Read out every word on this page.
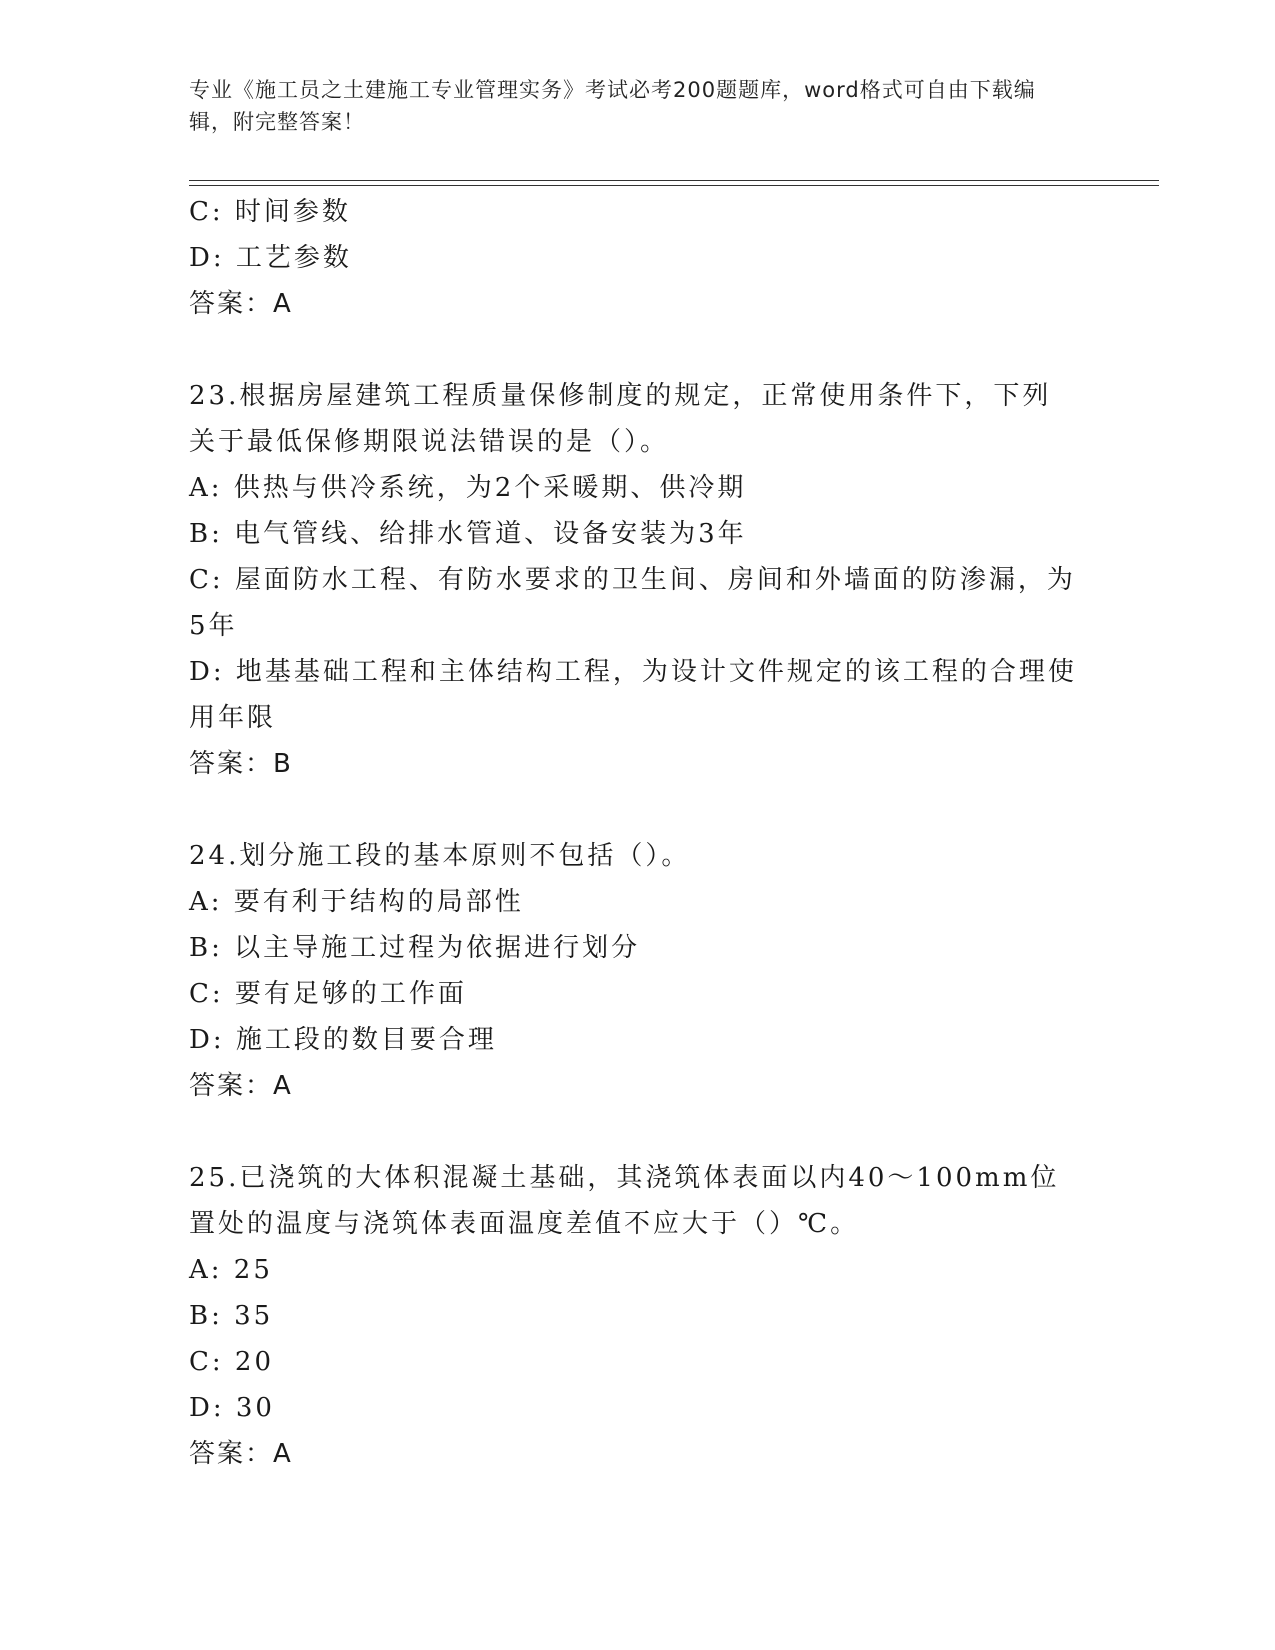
专业《施工员之土建施工专业管理实务》考试必考200题题库，word格式可自由下载编辑，附完整答案！

C: 时间参数

D: 工艺参数

答案：A

23.根据房屋建筑工程质量保修制度的规定，正常使用条件下，下列关于最低保修期限说法错误的是（）。

A: 供热与供冷系统，为2个采暖期、供冷期

B: 电气管线、给排水管道、设备安装为3年

C: 屋面防水工程、有防水要求的卫生间、房间和外墙面的防渗漏，为5年

D: 地基基础工程和主体结构工程，为设计文件规定的该工程的合理使用年限

答案：B

24.划分施工段的基本原则不包括（）。

A: 要有利于结构的局部性

B: 以主导施工过程为依据进行划分

C: 要有足够的工作面

D: 施工段的数目要合理

答案：A

25.已浇筑的大体积混凝土基础，其浇筑体表面以内40～100mm位置处的温度与浇筑体表面温度差值不应大于（）℃。

A: 25

B: 35

C: 20

D: 30

答案：A
